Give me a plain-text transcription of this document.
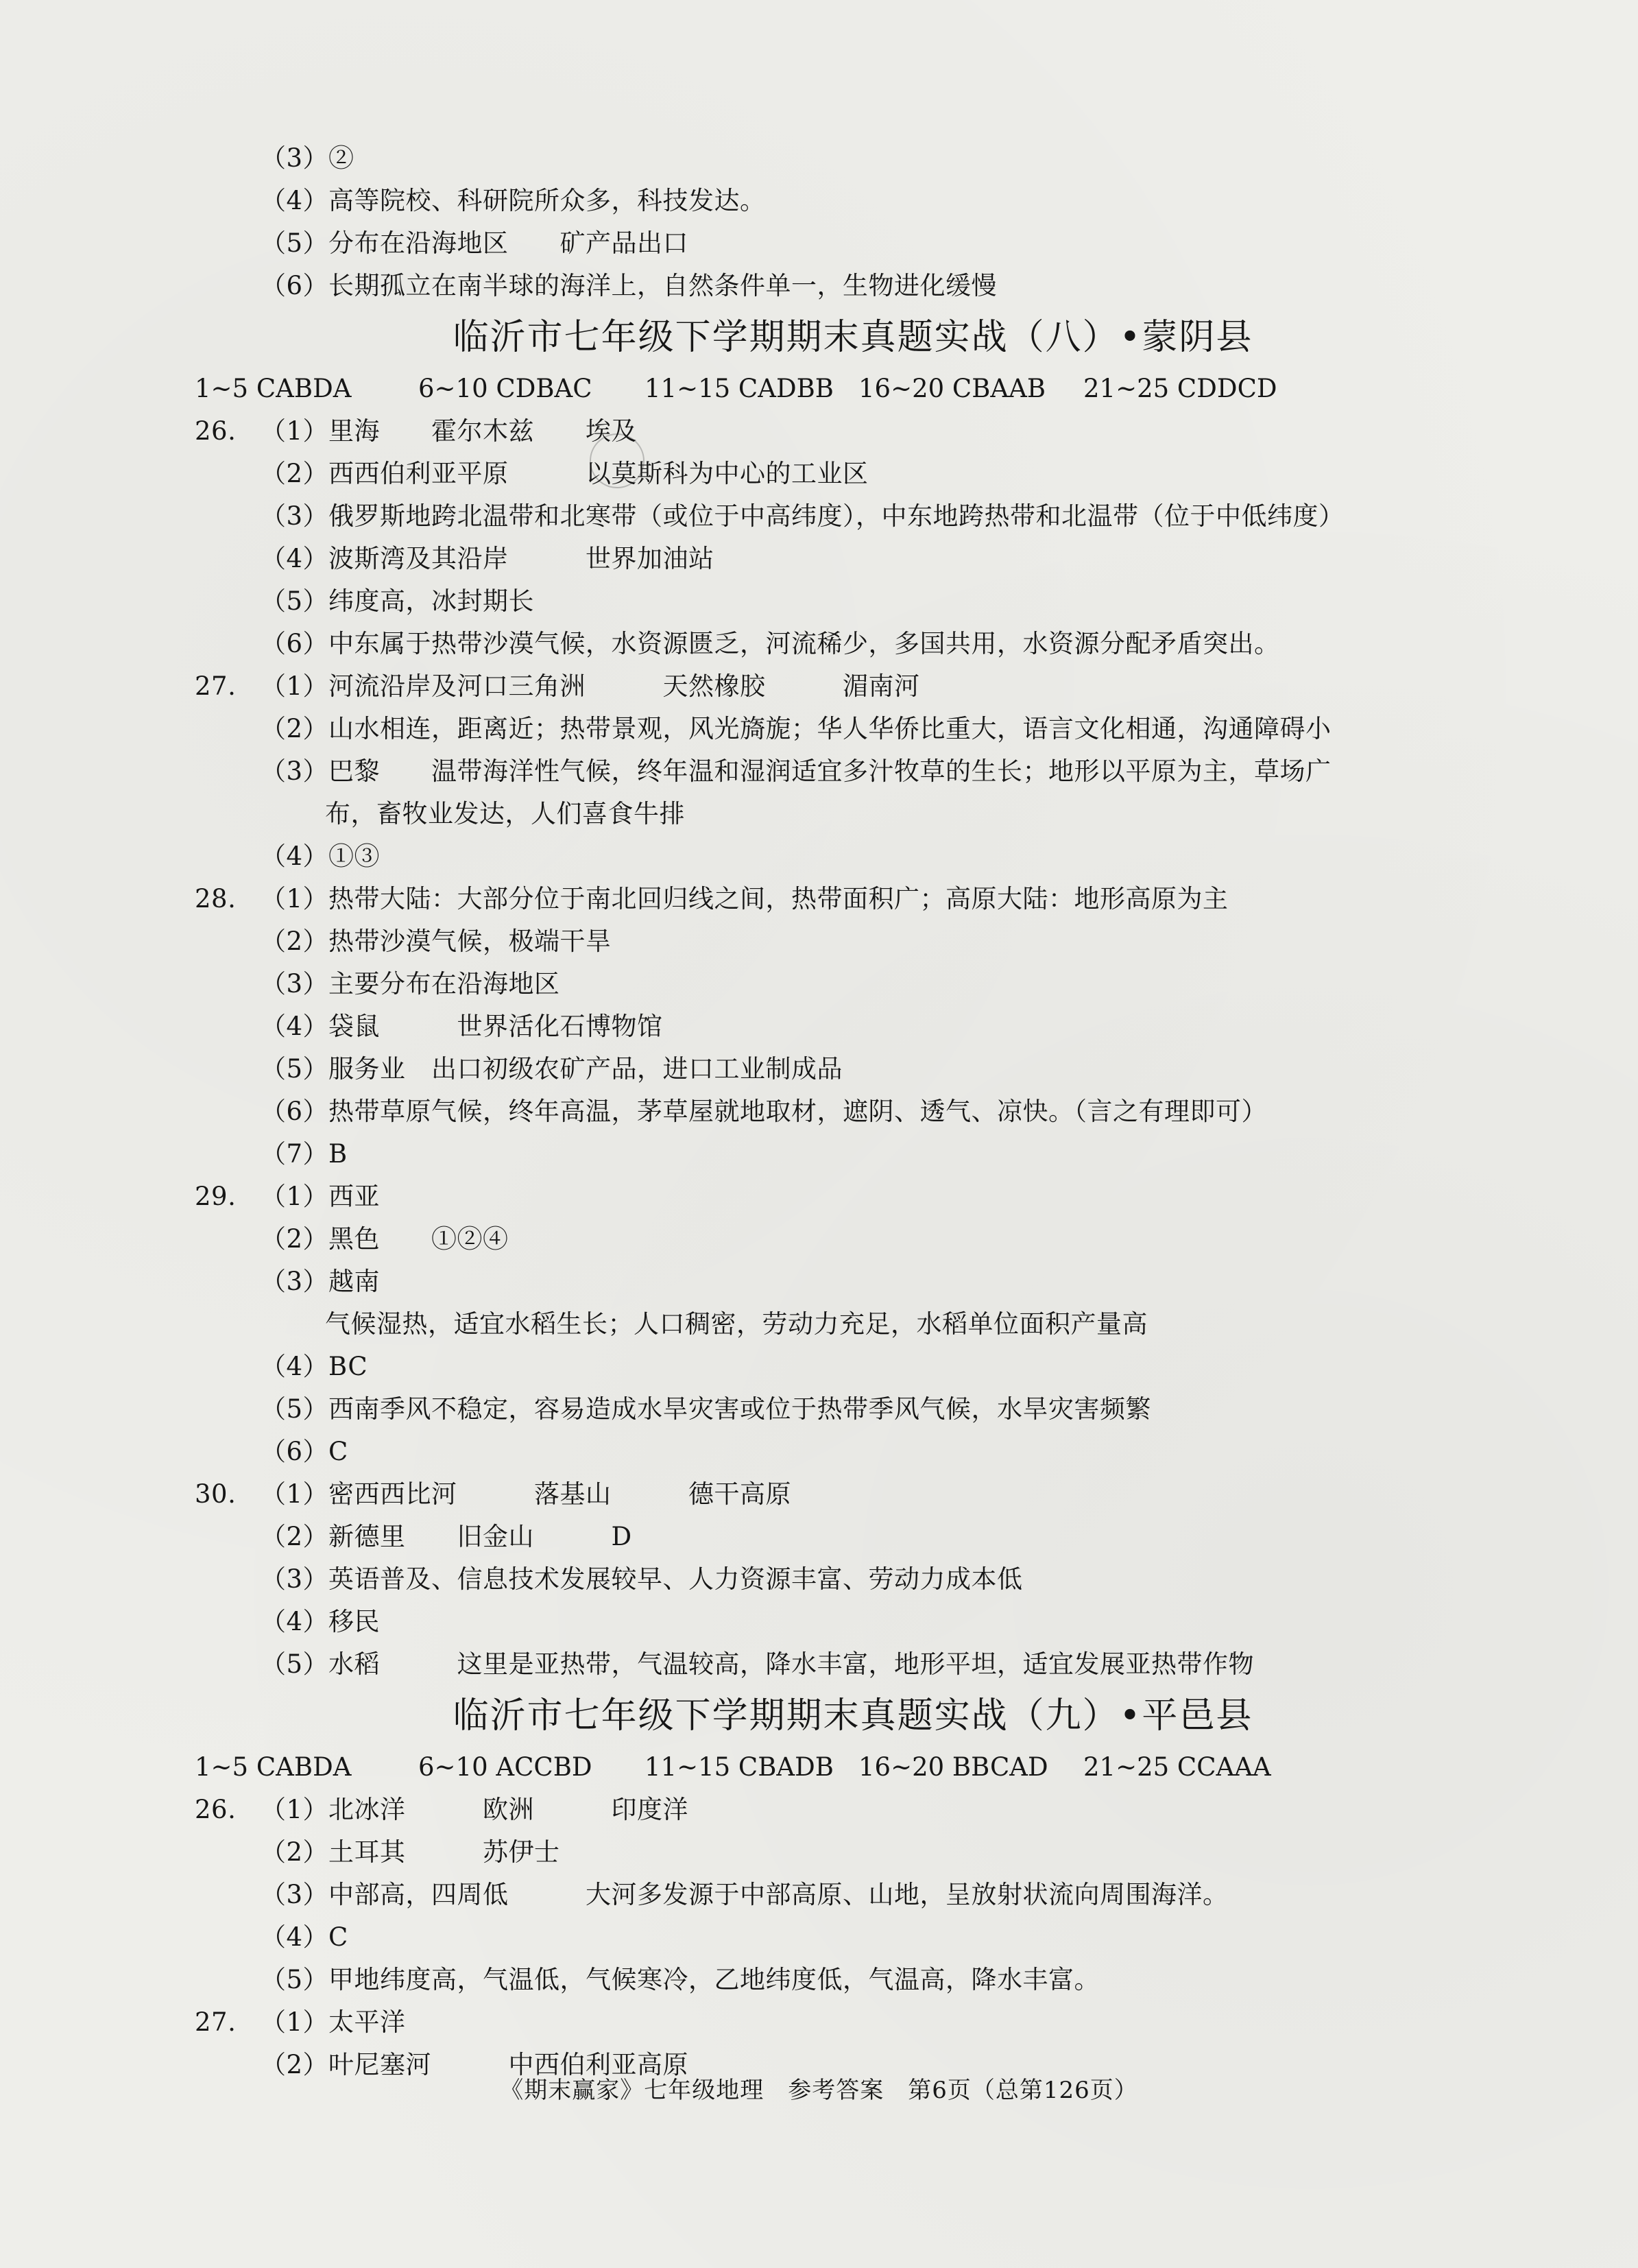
（3）②
（4）高等院校、科研院所众多，科技发达。
（5）分布在沿海地区　　矿产品出口
（6）长期孤立在南半球的海洋上，自然条件单一，生物进化缓慢
临沂市七年级下学期期末真题实战（八）•蒙阴县
1~5 CABDA	6~10 CDBAC	11~15 CADBB 16~20 CBAAB	21~25 CDDCD
26. （1）里海　　霍尔木兹　　埃及
（2）西西伯利亚平原　　　以莫斯科为中心的工业区
（3）俄罗斯地跨北温带和北寒带（或位于中高纬度），中东地跨热带和北温带（位于中低纬度）
（4）波斯湾及其沿岸　　　世界加油站
（5）纬度高，冰封期长
（6）中东属于热带沙漠气候，水资源匮乏，河流稀少，多国共用，水资源分配矛盾突出。
27. （1）河流沿岸及河口三角洲　　　天然橡胶　　　湄南河
（2）山水相连，距离近；热带景观，风光旖旎；华人华侨比重大，语言文化相通，沟通障碍小
（3）巴黎　　温带海洋性气候，终年温和湿润适宜多汁牧草的生长；地形以平原为主，草场广
布，畜牧业发达，人们喜食牛排
（4）①③
28. （1）热带大陆：大部分位于南北回归线之间，热带面积广；高原大陆：地形高原为主
（2）热带沙漠气候，极端干旱
（3）主要分布在沿海地区
（4）袋鼠　　　世界活化石博物馆
（5）服务业　出口初级农矿产品，进口工业制成品
（6）热带草原气候，终年高温，茅草屋就地取材，遮阴、透气、凉快。（言之有理即可）
（7）B
29. （1）西亚
（2）黑色　　①②④
（3）越南
气候湿热，适宜水稻生长；人口稠密，劳动力充足，水稻单位面积产量高
（4）BC
（5）西南季风不稳定，容易造成水旱灾害或位于热带季风气候，水旱灾害频繁
（6）C
30. （1）密西西比河　　　落基山　　　德干高原
（2）新德里　　旧金山　　　D
（3）英语普及、信息技术发展较早、人力资源丰富、劳动力成本低
（4）移民
（5）水稻　　　这里是亚热带，气温较高，降水丰富，地形平坦，适宜发展亚热带作物
临沂市七年级下学期期末真题实战（九）•平邑县
1~5 CABDA	6~10 ACCBD	11~15 CBADB 16~20 BBCAD	21~25 CCAAA
26. （1）北冰洋　　　欧洲　　　印度洋
（2）土耳其　　　苏伊士
（3）中部高，四周低　　　大河多发源于中部高原、山地，呈放射状流向周围海洋。
（4）C
（5）甲地纬度高，气温低，气候寒冷，乙地纬度低，气温高，降水丰富。
27. （1）太平洋
（2）叶尼塞河　　　中西伯利亚高原
《期末赢家》七年级地理　参考答案　第6页（总第126页）
